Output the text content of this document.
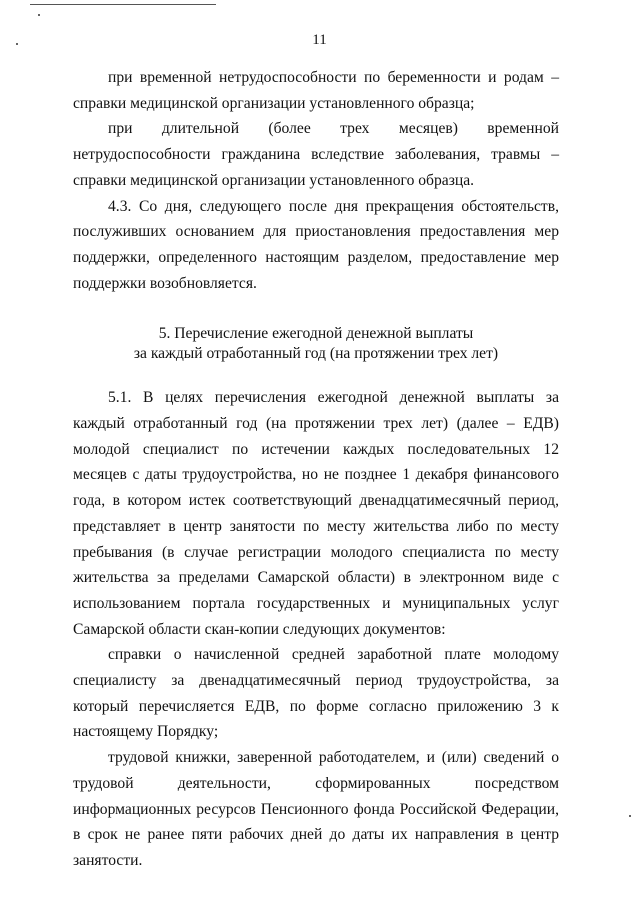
11

при временной нетрудоспособности по беременности и родам – справки медицинской организации установленного образца;

при длительной (более трех месяцев) временной нетрудоспособности гражданина вследствие заболевания, травмы – справки медицинской организации установленного образца.

4.3. Со дня, следующего после дня прекращения обстоятельств, послуживших основанием для приостановления предоставления мер поддержки, определенного настоящим разделом, предоставление мер поддержки возобновляется.

5. Перечисление ежегодной денежной выплаты
за каждый отработанный год (на протяжении трех лет)

5.1. В целях перечисления ежегодной денежной выплаты за каждый отработанный год (на протяжении трех лет) (далее – ЕДВ) молодой специалист по истечении каждых последовательных 12 месяцев с даты трудоустройства, но не позднее 1 декабря финансового года, в котором истек соответствующий двенадцатимесячный период, представляет в центр занятости по месту жительства либо по месту пребывания (в случае регистрации молодого специалиста по месту жительства за пределами Самарской области) в электронном виде с использованием портала государственных и муниципальных услуг Самарской области скан-копии следующих документов:

справки о начисленной средней заработной плате молодому специалисту за двенадцатимесячный период трудоустройства, за который перечисляется ЕДВ, по форме согласно приложению 3 к настоящему Порядку;

трудовой книжки, заверенной работодателем, и (или) сведений о трудовой деятельности, сформированных посредством информационных ресурсов Пенсионного фонда Российской Федерации, в срок не ранее пяти рабочих дней до даты их направления в центр занятости.
